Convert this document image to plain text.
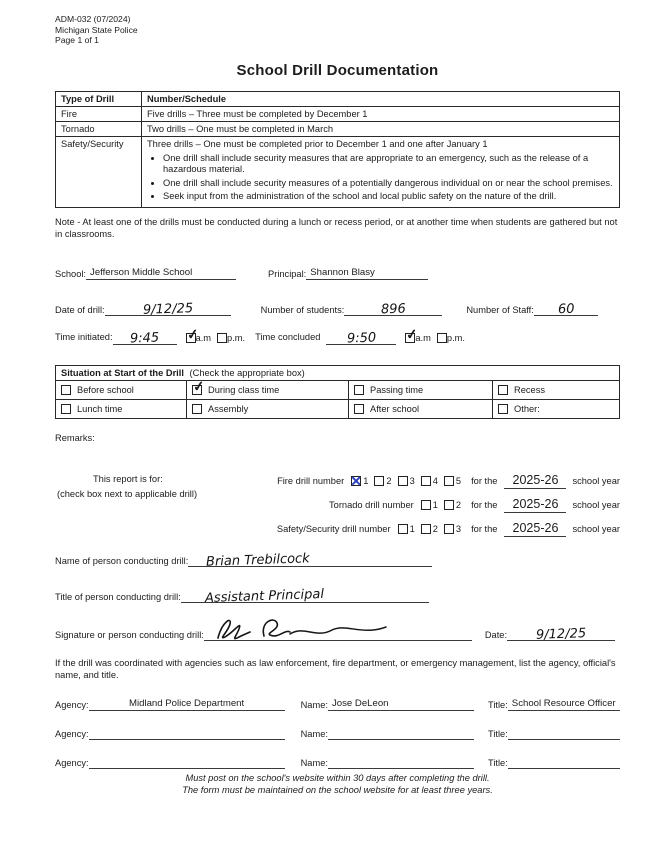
ADM-032 (07/2024)
Michigan State Police
Page 1 of 1
School Drill Documentation
Type of Drill	Number/Schedule
Fire	Five drills – Three must be completed by December 1
Tornado	Two drills – One must be completed in March
Safety/Security	Three drills – One must be completed prior to December 1 and one after January 1
• One drill shall include security measures that are appropriate to an emergency, such as the release of a hazardous material.
• One drill shall include security measures of a potentially dangerous individual on or near the school premises.
• Seek input from the administration of the school and local public safety on the nature of the drill.
Note - At least one of the drills must be conducted during a lunch or recess period, or at another time when students are gathered but not in classrooms.
School: Jefferson Middle School	Principal: Shannon Blasy
Date of drill:	9/12/25	Number of students:	896	Number of Staff: 60
Time initiated: 9:45 ✓	a.m p.m. Time concluded 9:50 ✓	a.m p.m.
Situation at Start of the Drill (Check the appropriate box)
Before school ✓	During class time	Passing time	Recess
Lunch time	Assembly	After school	Other:
Remarks:
This report is for:
(check box next to applicable drill)
Fire drill number ✕ 1 2 3 4 5 for the	2025-26	school year
Tornado drill number 1 2 for the	2025-26	school year
Safety/Security drill number 1 2 3 for the	2025-26	school year
Name of person conducting drill: Brian Trebilcock
Title of person conducting drill: Assistant Principal
Signature or person conducting drill:	Date: 9/12/25
If the drill was coordinated with agencies such as law enforcement, fire department, or emergency management, list the agency, official's name, and title.
Agency:	Midland Police Department	Name: Jose DeLeon	Title: School Resource Officer
Agency:	Name:	Title:
Agency:	Name:	Title:
Must post on the school's website within 30 days after completing the drill.
The form must be maintained on the school website for at least three years.
